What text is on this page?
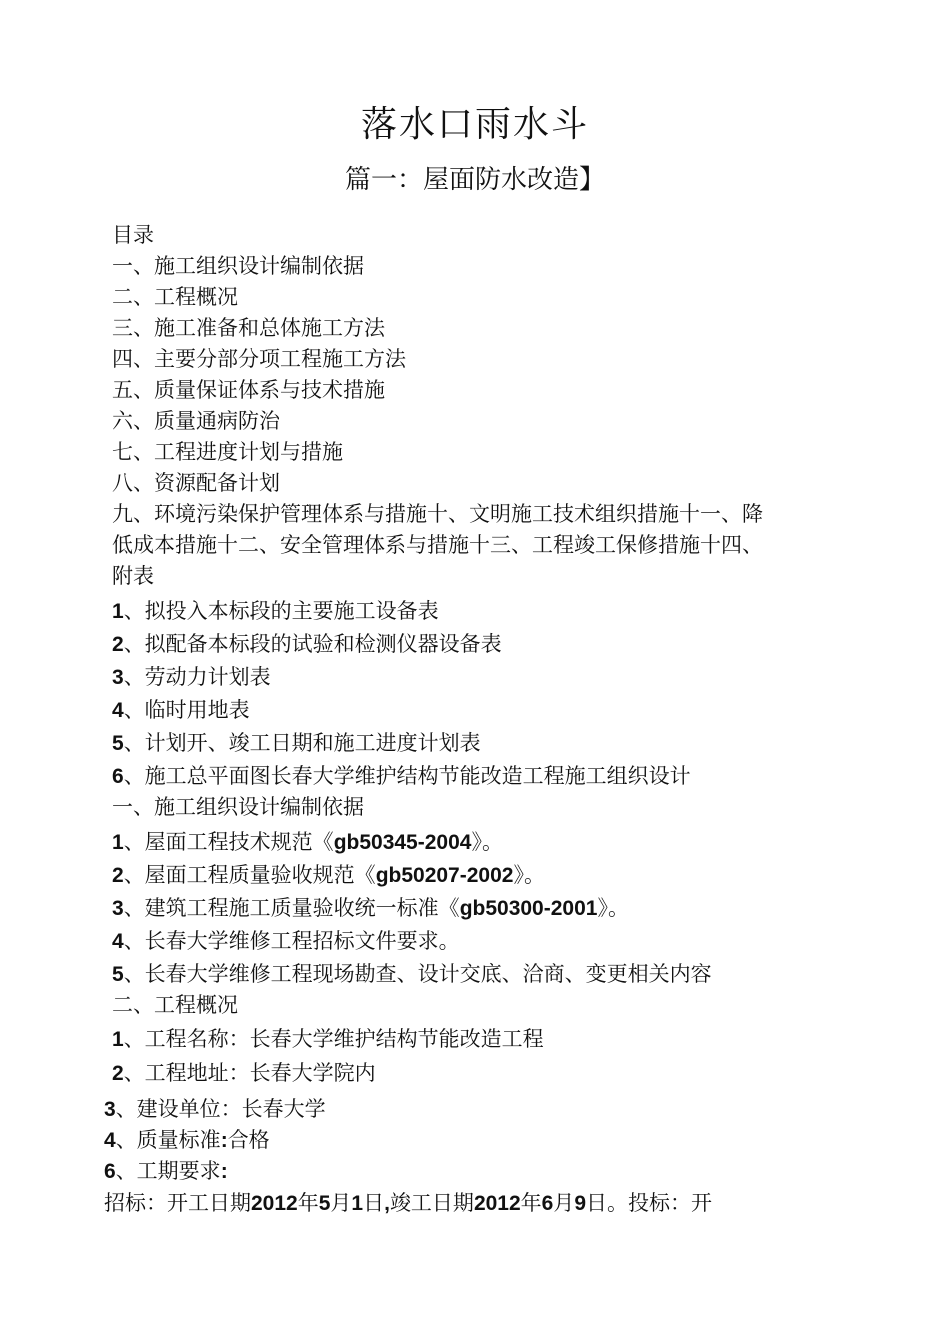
落水口雨水斗
篇一：屋面防水改造】
目录
一、施工组织设计编制依据
二、工程概况
三、施工准备和总体施工方法
四、主要分部分项工程施工方法
五、质量保证体系与技术措施
六、质量通病防治
七、工程进度计划与措施
八、资源配备计划
九、环境污染保护管理体系与措施十、文明施工技术组织措施十一、降
低成本措施十二、安全管理体系与措施十三、工程竣工保修措施十四、
附表
1、拟投入本标段的主要施工设备表
2、拟配备本标段的试验和检测仪器设备表
3、劳动力计划表
4、临时用地表
5、计划开、竣工日期和施工进度计划表
6、施工总平面图长春大学维护结构节能改造工程施工组织设计
一、施工组织设计编制依据
1、屋面工程技术规范《gb50345-2004》。
2、屋面工程质量验收规范《gb50207-2002》。
3、建筑工程施工质量验收统一标准《gb50300-2001》。
4、长春大学维修工程招标文件要求。
5、长春大学维修工程现场勘查、设计交底、洽商、变更相关内容
二、工程概况
1、工程名称：长春大学维护结构节能改造工程
2、工程地址：长春大学院内
3、建设单位：长春大学
4、质量标准:合格
6、工期要求:
招标：开工日期2012年5月1日,竣工日期2012年6月9日。投标：开
